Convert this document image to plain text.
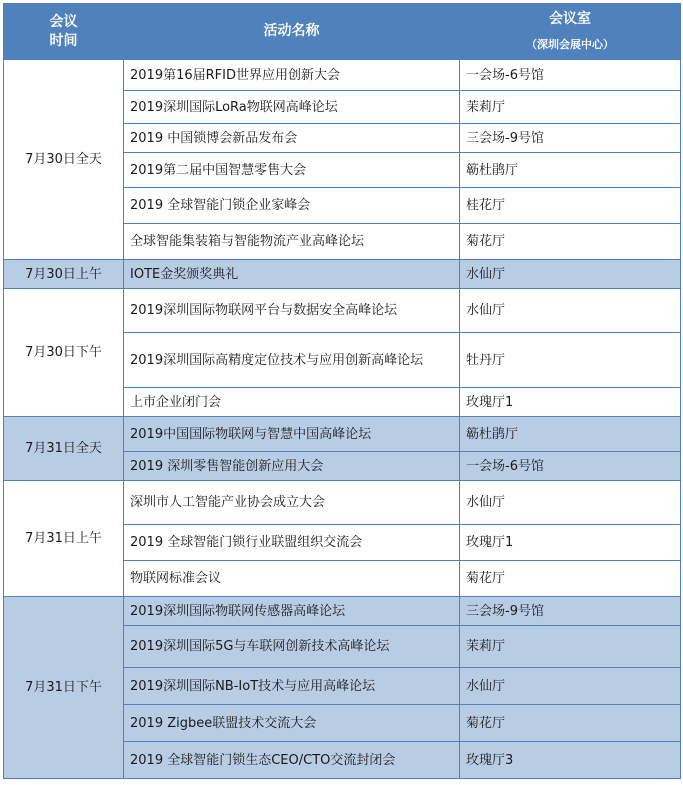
会议
时间	活动名称	会议室
（深圳会展中心）

7月30日全天	2019第16届RFID世界应用创新大会	一会场-6号馆
	2019深圳国际LoRa物联网高峰论坛	茉莉厅
	2019 中国锁博会新品发布会	三会场-9号馆
	2019第二届中国智慧零售大会	簕杜鹃厅
	2019 全球智能门锁企业家峰会	桂花厅
	全球智能集装箱与智能物流产业高峰论坛	菊花厅
7月30日上午	IOTE金奖颁奖典礼	水仙厅
7月30日下午	2019深圳国际物联网平台与数据安全高峰论坛	水仙厅
	2019深圳国际高精度定位技术与应用创新高峰论坛	牡丹厅
	上市企业闭门会	玫瑰厅1
7月31日全天	2019中国国际物联网与智慧中国高峰论坛	簕杜鹃厅
	2019 深圳零售智能创新应用大会	一会场-6号馆
7月31日上午	深圳市人工智能产业协会成立大会	水仙厅
	2019 全球智能门锁行业联盟组织交流会	玫瑰厅1
	物联网标准会议	菊花厅
7月31日下午	2019深圳国际物联网传感器高峰论坛	三会场-9号馆
	2019深圳国际5G与车联网创新技术高峰论坛	茉莉厅
	2019深圳国际NB-IoT技术与应用高峰论坛	水仙厅
	2019 Zigbee联盟技术交流大会	菊花厅
	2019 全球智能门锁生态CEO/CTO交流封闭会	玫瑰厅3
